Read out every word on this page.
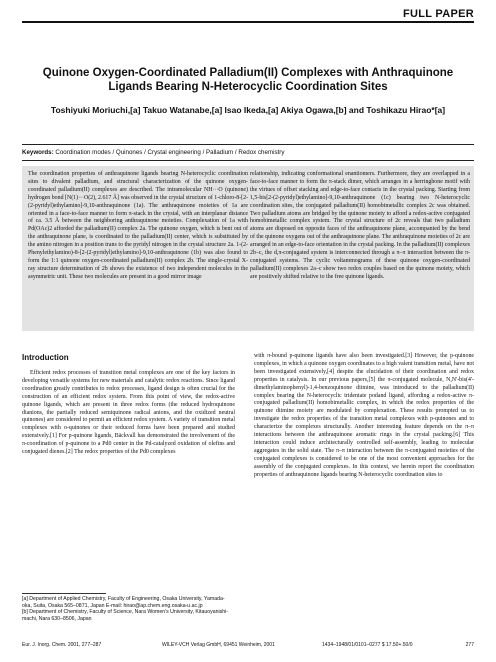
FULL PAPER
Quinone Oxygen-Coordinated Palladium(II) Complexes with Anthraquinone Ligands Bearing N-Heterocyclic Coordination Sites
Toshiyuki Moriuchi,[a] Takuo Watanabe,[a] Isao Ikeda,[a] Akiya Ogawa,[b] and Toshikazu Hirao*[a]
Keywords: Coordination modes / Quinones / Crystal engineering / Palladium / Redox chemistry
The coordination properties of anthraquinone ligands bearing N-heterocyclic coordination sites to divalent palladium, and structural characterization of the quinone oxygen-coordinated palladium(II) complexes are described. The intramolecular NH···O (quinone) hydrogen bond [N(1)···O(2), 2.617 Å] was observed in the crystal structure of 1-chloro-8-[2-(2-pyridyl)ethylamino]-9,10-anthraquinone (1a). The anthraquinone moieties of 1a are oriented in a face-to-face manner to form π-stack in the crystal, with an interplanar distance of ca. 3.5 Å between the neighboring anthraquinone moieties. Complexation of 1a with Pd(OAc)2 afforded the palladium(II) complex 2a. The quinone oxygen, which is bent out of the anthraquinone plane, is coordinated to the palladium(II) center, which is substituted by the amino nitrogen in a position trans to the pyridyl nitrogen in the crystal structure 2a. 1-(2-Phenylethylamino)-8-[2-(2-pyridyl)ethylamino]-9,10-anthraquinone (1b) was also found to form the 1:1 quinone oxygen-coordinated palladium(II) complex 2b. The single-crystal X-ray structure determination of 2b shows the existence of two independent molecules in the asymmetric unit. These two molecules are present in a good mirror image
relationship, indicating conformational enantiomers. Furthermore, they are overlapped in a face-to-face manner to form the π-stack dimer, which arranges in a herringbone motif with the virtues of offset stacking and edge-to-face contacts in the crystal packing. Starting from 1,5-bis[2-(2-pyridyl)ethylamino]-9,10-anthraquinone (1c) bearing two N-heterocyclic coordination sites, the conjugated palladium(II) homobimetallic complex 2c was obtained. Two palladium atoms are bridged by the quinone moiety to afford a redox-active conjugated homobimetallic complex system. The crystal structure of 2c reveals that two palladium atoms are disposed on opposite faces of the anthraquinone plane, accompanied by the bend of the quinone oxygens out of the anthraquinone plane. The anthraquinone moieties of 2c are arranged in an edge-to-face orientation in the crystal packing. In the palladium(II) complexes 2b–c, the d,π-conjugated system is interconnected through a π–π interaction between the π-conjugated systems. The cyclic voltammograms of these quinone oxygen-coordinated palladium(II) complexes 2a–c show two redox couples based on the quinone moiety, which are positively shifted relative to the free quinone ligands.
Introduction
Efficient redox processes of transition metal complexes are one of the key factors in developing versatile systems for new materials and catalytic redox reactions. Since ligand coordination greatly contributes to redox processes, ligand design is often crucial for the construction of an efficient redox system. From this point of view, the redox-active quinone ligands, which are present in three redox forms (the reduced hydroquinone dianions, the partially reduced semiquinone radical anions, and the oxidized neutral quinones) are considered to permit an efficient redox system. A variety of transition metal complexes with o-quinones or their reduced forms have been prepared and studied extensively.[1] For p-quinone ligands, Bäckvall has demonstrated the involvement of the π-coordination of p-quinone to a Pd0 center in the Pd-catalyzed oxidation of olefins and conjugated dienes.[2] The redox properties of the Pd0 complexes
with π-bound p-quinone ligands have also been investigated.[3] However, the p-quinone complexes, in which a quinone oxygen coordinates to a high valent transition metal, have not been investigated extensively,[4] despite the elucidation of their coordination and redox properties in catalysis. In our previous papers,[5] the π-conjugated molecule, N,N'-bis(4'-dimethylaminophenyl)-1,4-benzoquinone diimine, was introduced to the palladium(II) complex bearing the N-heterocyclic tridentate podand ligand, affording a redox-active π-conjugated palladium(II) homobimetallic complex, in which the redox properties of the quinone diimine moiety are modulated by complexation. These results prompted us to investigate the redox properties of the transition metal complexes with p-quinones and to characterize the complexes structurally. Another interesting feature depends on the π–π interactions between the anthraquinone aromatic rings in the crystal packing.[6] This interaction could induce architecturally controlled self-assembly, leading to molecular aggregates in the solid state. The π–π interaction between the π-conjugated moieties of the conjugated complexes is considered to be one of the most convenient approaches for the assembly of the conjugated complexes. In this context, we herein report the coordination properties of anthraquinone ligands bearing N-heterocyclic coordination sites to
[a] Department of Applied Chemistry, Faculty of Engineering, Osaka University, Yamada-oka, Suita, Osaka 565–0871, Japan E-mail: hirao@ap.chem.eng.osaka-u.ac.jp
[b] Department of Chemistry, Faculty of Science, Nara Women's University, Kitauoyanishi-machi, Nara 630–8506, Japan
Eur. J. Inorg. Chem. 2001, 277–287	WILEY-VCH Verlag GmbH, 69451 Weinheim, 2001	1434–1948/01/0101–0277 $ 17.50+.50/0	277
